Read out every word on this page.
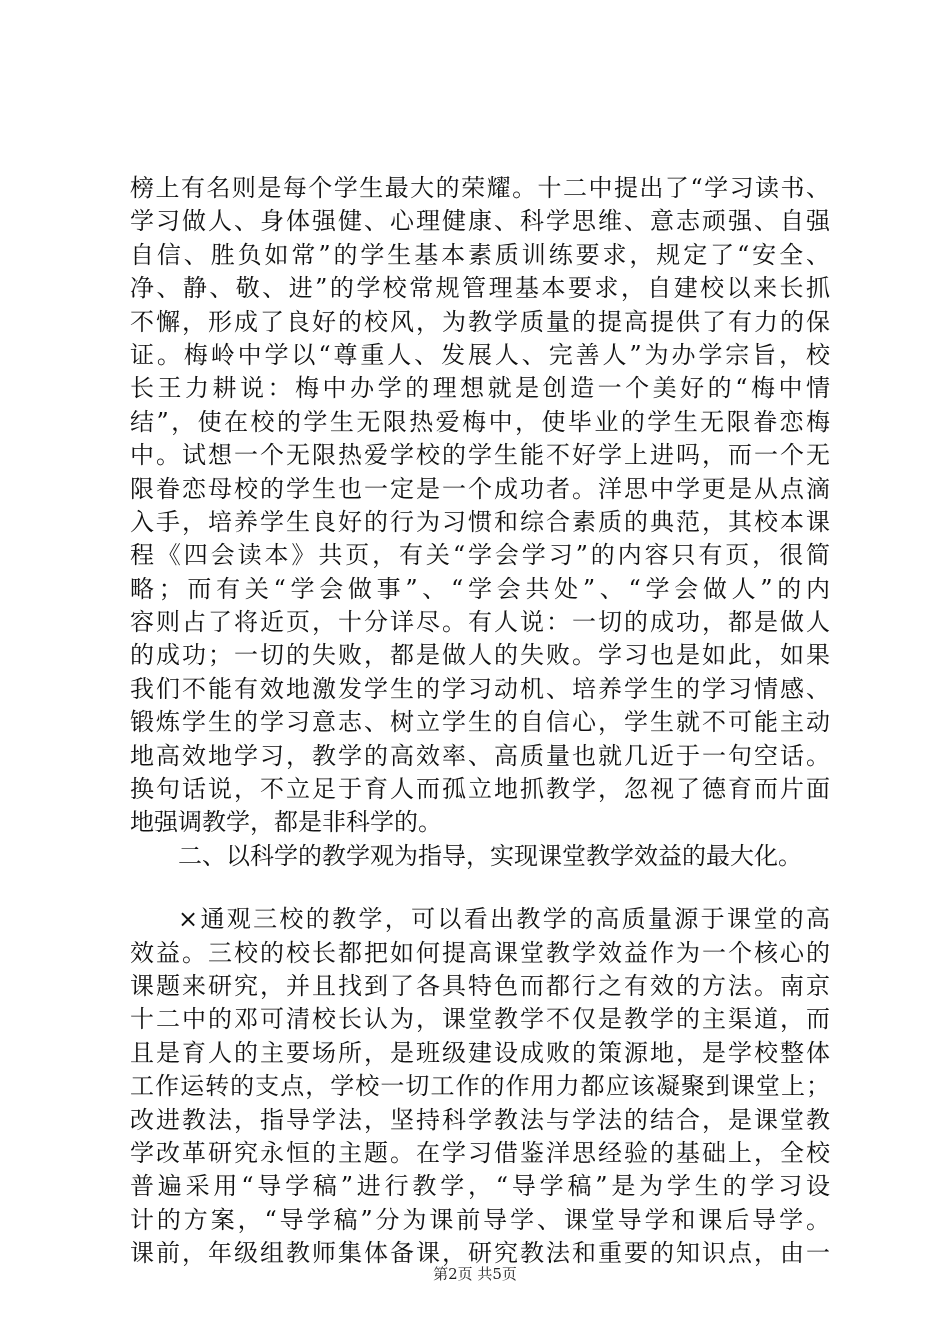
榜上有名则是每个学生最大的荣耀。十二中提出了“学习读书、
学习做人、身体强健、心理健康、科学思维、意志顽强、自强
自信、胜负如常”的学生基本素质训练要求，规定了“安全、
净、静、敬、进”的学校常规管理基本要求，自建校以来长抓
不懈，形成了良好的校风，为教学质量的提高提供了有力的保
证。梅岭中学以“尊重人、发展人、完善人”为办学宗旨，校
长王力耕说：梅中办学的理想就是创造一个美好的“梅中情
结”，使在校的学生无限热爱梅中，使毕业的学生无限眷恋梅
中。试想一个无限热爱学校的学生能不好学上进吗，而一个无
限眷恋母校的学生也一定是一个成功者。洋思中学更是从点滴
入手，培养学生良好的行为习惯和综合素质的典范，其校本课
程《四会读本》共页，有关“学会学习”的内容只有页，很简
略；而有关“学会做事”、“学会共处”、“学会做人”的内
容则占了将近页，十分详尽。有人说：一切的成功，都是做人
的成功；一切的失败，都是做人的失败。学习也是如此，如果
我们不能有效地激发学生的学习动机、培养学生的学习情感、
锻炼学生的学习意志、树立学生的自信心，学生就不可能主动
地高效地学习，教学的高效率、高质量也就几近于一句空话。
换句话说，不立足于育人而孤立地抓教学，忽视了德育而片面
地强调教学，都是非科学的。
二、以科学的教学观为指导，实现课堂教学效益的最大化。
×通观三校的教学，可以看出教学的高质量源于课堂的高
效益。三校的校长都把如何提高课堂教学效益作为一个核心的
课题来研究，并且找到了各具特色而都行之有效的方法。南京
十二中的邓可清校长认为，课堂教学不仅是教学的主渠道，而
且是育人的主要场所，是班级建设成败的策源地，是学校整体
工作运转的支点，学校一切工作的作用力都应该凝聚到课堂上；
改进教法，指导学法，坚持科学教法与学法的结合，是课堂教
学改革研究永恒的主题。在学习借鉴洋思经验的基础上，全校
普遍采用“导学稿”进行教学，“导学稿”是为学生的学习设
计的方案，“导学稿”分为课前导学、课堂导学和课后导学。
课前，年级组教师集体备课，研究教法和重要的知识点，由一
第2页 共5页
